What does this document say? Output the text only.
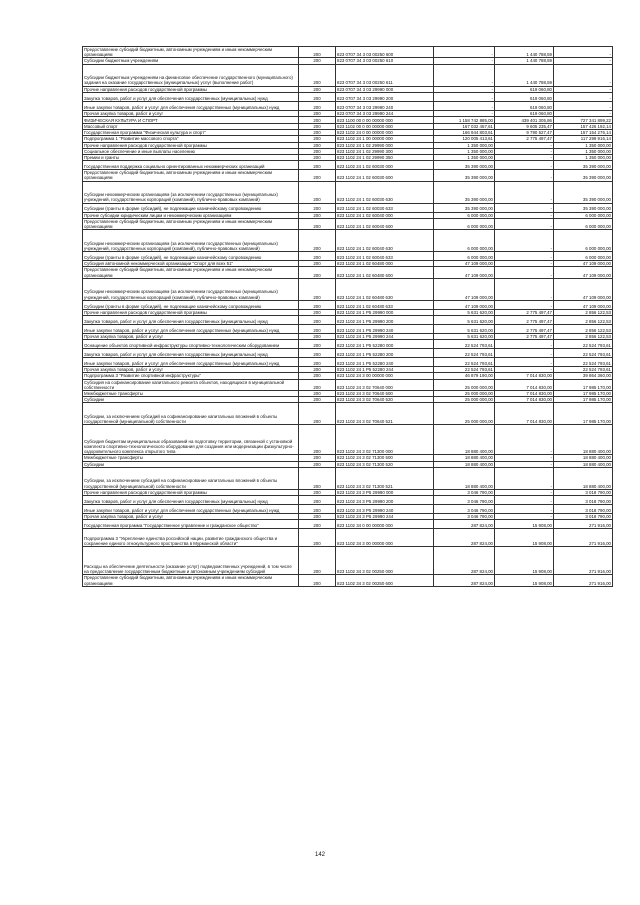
Предоставление субсидий бюджетным, автономным учреждениям и иным некоммерческим организациям	200	823 0707 34 3 03 00250 600	-	1 440 788,59	-
Субсидии бюджетным учреждениям	200	823 0707 34 3 03 00250 610	-	1 440 788,59	-
Субсидии бюджетным учреждениям на финансовое обеспечение государственного (муниципального) задания на оказание государственных (муниципальных) услуг (выполнение работ)	200	823 0707 34 3 03 00250 611	-	1 440 788,59	-
Прочие направления расходов государственной программы	200	823 0707 34 3 03 29990 000	-	619 060,80	-
Закупка товаров, работ и услуг для обеспечения государственных (муниципальных) нужд	200	823 0707 34 3 03 29990 200	-	619 060,80	-
Иные закупки товаров, работ и услуг для обеспечения государственных (муниципальных) нужд	200	823 0707 34 3 03 29990 240	-	619 060,80	-
Прочая закупка товаров, работ и услуг	200	823 0707 34 3 03 29990 244	-	619 060,80	-
ФИЗИЧЕСКАЯ КУЛЬТУРА И СПОРТ	200	823 1100 00 0 00 00000 000	1 158 742 885,00	439 401 305,86	727 341 899,22
Массовый спорт	200	823 1102 00 0 00 00000 000	167 032 457,61	9 605 235,47	157 426 192,14
Государственная программа "Физическая культура и спорт"	200	823 1102 24 0 00 00000 000	166 944 803,61	9 790 527,47	157 154 276,14
Подпрограмма 1 "Развитие массового спорта"	200	823 1102 24 1 00 00000 000	120 005 413,61	2 775 497,47	117 299 916,14
Прочие направления расходов государственной программы	200	823 1102 24 1 02 29990 000	1 350 000,00	-	1 350 000,00
Социальное обеспечение и иные выплаты населению	200	823 1102 24 1 02 29990 300	1 350 000,00	-	1 350 000,00
Премии и гранты	200	823 1102 24 1 02 29990 350	1 350 000,00	-	1 350 000,00
Государственная поддержка социально ориентированных некоммерческих организаций	200	823 1102 24 1 02 60030 000	35 390 000,00	-	35 390 000,00
Предоставление субсидий бюджетным, автономным учреждениям и иным некоммерческим организациям	200	823 1102 24 1 02 60030 600	35 390 000,00	-	35 390 000,00
Субсидии некоммерческим организациям (за исключением государственных (муниципальных) учреждений, государственных корпораций (компаний), публично-правовых компаний)	200	823 1102 24 1 02 60030 630	35 390 000,00	-	35 390 000,00
Субсидии (гранты в форме субсидий), не подлежащие казначейскому сопровождению	200	823 1102 24 1 02 60030 633	35 390 000,00	-	35 390 000,00
Прочие субсидии юридическим лицам и некоммерческим организациям	200	823 1102 24 1 02 60040 000	6 000 000,00	-	6 000 000,00
Предоставление субсидий бюджетным, автономным учреждениям и иным некоммерческим организациям	200	823 1102 24 1 02 60040 600	6 000 000,00	-	6 000 000,00
Субсидии некоммерческим организациям (за исключением государственных (муниципальных) учреждений, государственных корпораций (компаний), публично-правовых компаний)	200	823 1102 24 1 02 60040 630	6 000 000,00	-	6 000 000,00
Субсидии (гранты в форме субсидий), не подлежащие казначейскому сопровождению	200	823 1102 24 1 02 60040 633	6 000 000,00	-	6 000 000,00
Субсидия автономной некоммерческой организации "Спорт для всех 51"	200	823 1102 24 1 02 60480 000	47 109 000,00	-	47 109 000,00
Предоставление субсидий бюджетным, автономным учреждениям и иным некоммерческим организациям	200	823 1102 24 1 02 60480 600	47 109 000,00	-	47 109 000,00
Субсидии некоммерческим организациям (за исключением государственных (муниципальных) учреждений, государственных корпораций (компаний), публично-правовых компаний)	200	823 1102 24 1 02 60480 630	47 109 000,00	-	47 109 000,00
Субсидии (гранты в форме субсидий), не подлежащие казначейскому сопровождению	200	823 1102 24 1 02 60480 633	47 109 000,00	-	47 109 000,00
Прочие направления расходов государственной программы	200	823 1102 24 1 P5 29990 000	5 631 620,00	2 775 497,47	2 856 122,53
Закупка товаров, работ и услуг для обеспечения государственных (муниципальных) нужд	200	823 1102 24 1 P5 29990 200	5 631 620,00	2 775 497,47	2 856 122,53
Иные закупки товаров, работ и услуг для обеспечения государственных (муниципальных) нужд	200	823 1102 24 1 P5 29990 240	5 631 620,00	2 775 497,47	2 856 122,53
Прочая закупка товаров, работ и услуг	200	823 1102 24 1 P5 29990 244	5 631 620,00	2 775 497,47	2 856 122,53
Оснащение объектов спортивной инфраструктуры спортивно-технологическим оборудованием	200	823 1102 24 1 P5 52280 000	22 524 793,61	-	22 524 793,61
Закупка товаров, работ и услуг для обеспечения государственных (муниципальных) нужд	200	823 1102 24 1 P5 52280 200	22 524 793,61	-	22 524 793,61
Иные закупки товаров, работ и услуг для обеспечения государственных (муниципальных) нужд	200	823 1102 24 1 P5 52280 240	22 524 793,61	-	22 524 793,61
Прочая закупка товаров, работ и услуг	200	823 1102 24 1 P5 52280 244	22 524 793,61	-	22 524 793,61
Подпрограмма 3 "Развитие спортивной инфраструктуры"	200	823 1102 24 3 00 00000 000	46 879 190,00	7 014 830,00	39 864 360,00
Субсидия на софинансирование капитального ремонта объектов, находящихся в муниципальной собственности	200	823 1102 24 3 02 70640 000	25 000 000,00	7 014 830,00	17 985 170,00
Межбюджетные трансферты	200	823 1102 24 3 02 70640 500	25 000 000,00	7 014 830,00	17 985 170,00
Субсидии	200	823 1102 24 3 02 70640 520	25 000 000,00	7 014 830,00	17 985 170,00
Субсидии, за исключением субсидий на софинансирование капитальных вложений в объекты государственной (муниципальной) собственности	200	823 1102 24 3 02 70640 521	25 000 000,00	7 014 830,00	17 985 170,00
Субсидия бюджетам муниципальных образований на подготовку территории, связанной с установкой комплекта спортивно-технологического оборудования для создания или модернизации физкультурно-оздоровительного комплекса открытого типа	200	823 1102 24 3 02 71300 000	18 880 400,00	-	18 880 400,00
Межбюджетные трансферты	200	823 1102 24 3 02 71300 500	18 880 400,00	-	18 880 400,00
Субсидии	200	823 1102 24 3 02 71300 520	18 880 400,00	-	18 880 400,00
Субсидии, за исключением субсидий на софинансирование капитальных вложений в объекты государственной (муниципальной) собственности	200	823 1102 24 3 02 71300 521	18 880 400,00	-	18 880 400,00
Прочие направления расходов государственной программы	200	823 1102 24 3 P5 29990 000	3 046 790,00	-	3 018 790,00
Закупка товаров, работ и услуг для обеспечения государственных (муниципальных) нужд	200	823 1102 24 3 P5 29990 200	3 046 790,00	-	3 018 790,00
Иные закупки товаров, работ и услуг для обеспечения государственных (муниципальных) нужд	200	823 1102 24 3 P5 29990 240	3 046 790,00	-	3 018 790,00
Прочая закупка товаров, работ и услуг	200	823 1102 24 3 P5 29990 244	3 046 790,00	-	3 018 790,00
Государственная программа "Государственное управление и гражданское общество"	200	823 1102 34 0 00 00000 000	287 824,00	15 908,00	271 916,00
Подпрограмма 3 "Укрепление единства российской нации, развитие гражданского общества и сохранение единого этнокультурного пространства в Мурманской области"	200	823 1102 34 3 00 00000 000	287 824,00	15 908,00	271 916,00
Расходы на обеспечение деятельности (оказание услуг) подведомственных учреждений, в том числе на предоставление государственным бюджетным и автономным учреждениям субсидий	200	823 1102 34 3 02 00250 000	287 824,00	15 908,00	271 916,00
Предоставление субсидий бюджетным, автономным учреждениям и иным некоммерческим организациям	200	823 1102 34 3 02 00250 600	287 824,00	15 908,00	271 916,00
142
